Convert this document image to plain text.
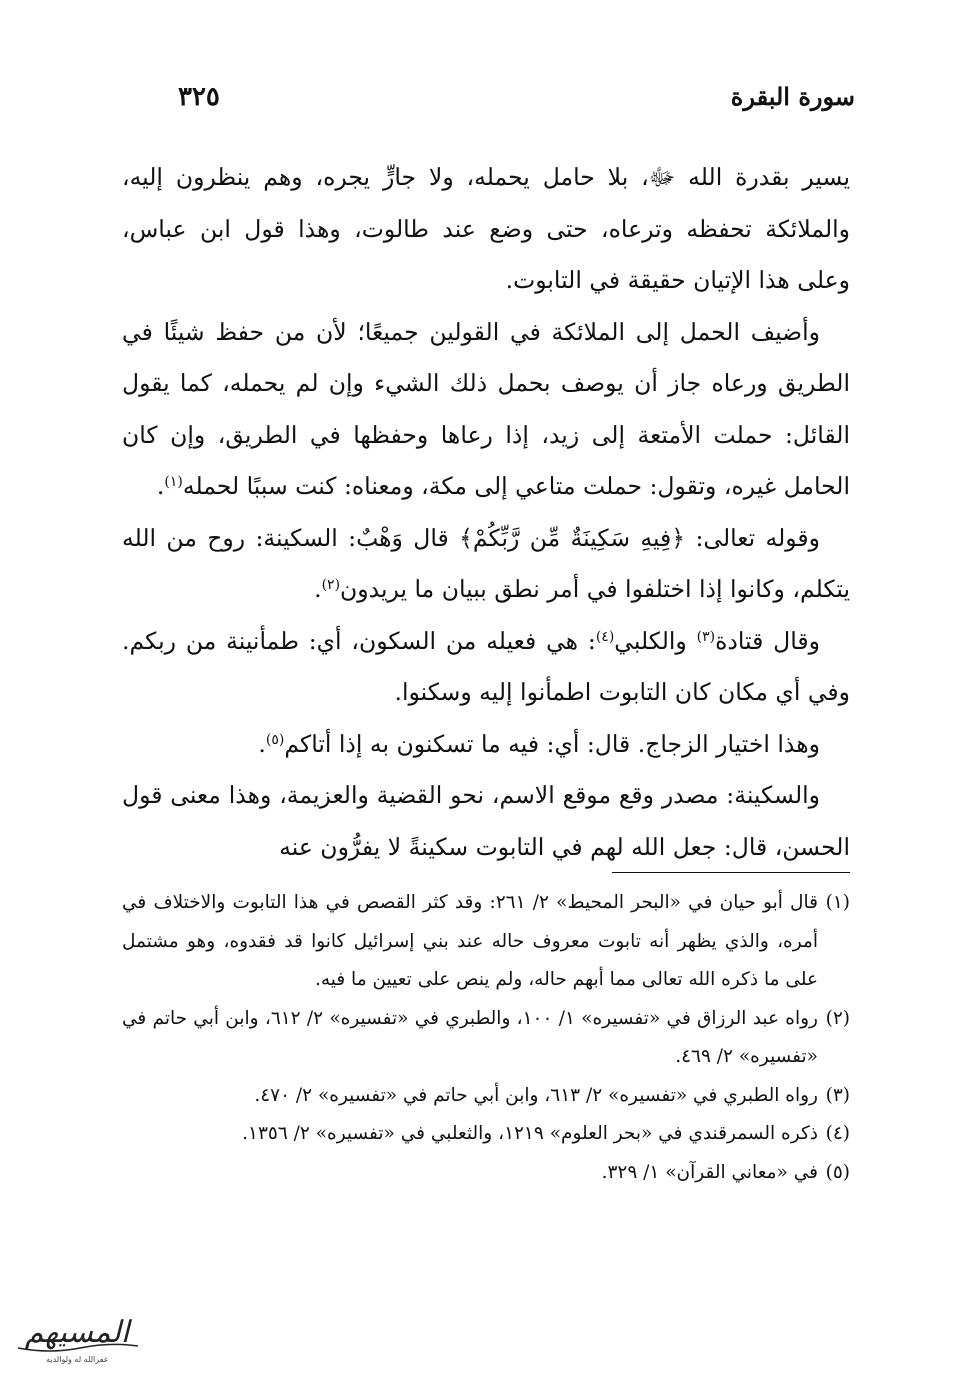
سورة البقرة
٣٢٥

يسير بقدرة الله ﷻ، بلا حامل يحمله، ولا جارٍّ يجره، وهم ينظرون إليه، والملائكة تحفظه وترعاه، حتى وضع عند طالوت، وهذا قول ابن عباس، وعلى هذا الإتيان حقيقة في التابوت.

وأضيف الحمل إلى الملائكة في القولين جميعًا؛ لأن من حفظ شيئًا في الطريق ورعاه جاز أن يوصف بحمل ذلك الشيء وإن لم يحمله، كما يقول القائل: حملت الأمتعة إلى زيد، إذا رعاها وحفظها في الطريق، وإن كان الحامل غيره، وتقول: حملت متاعي إلى مكة، ومعناه: كنت سببًا لحمله$^{(١)}$.

وقوله تعالى: ﴿فِيهِ سَكِينَةٌ مِّن رَّبِّكُمْ﴾ قال وَهْبٌ: السكينة: روح من الله يتكلم، وكانوا إذا اختلفوا في أمر نطق ببيان ما يريدون$^{(٢)}$.

وقال قتادة$^{(٣)}$ والكلبي$^{(٤)}$: هي فعيله من السكون، أي: طمأنينة من ربكم. وفي أي مكان كان التابوت اطمأنوا إليه وسكنوا.

وهذا اختيار الزجاج. قال: أي: فيه ما تسكنون به إذا أتاكم$^{(٥)}$.

والسكينة: مصدر وقع موقع الاسم، نحو القضية والعزيمة، وهذا معنى قول الحسن، قال: جعل الله لهم في التابوت سكينةً لا يفرُّون عنه

(١)
قال أبو حيان في «البحر المحيط» ٢/ ٢٦١: وقد كثر القصص في هذا التابوت والاختلاف في أمره، والذي يظهر أنه تابوت معروف حاله عند بني إسرائيل كانوا قد فقدوه، وهو مشتمل على ما ذكره الله تعالى مما أبهم حاله، ولم ينص على تعيين ما فيه.

(٢)
رواه عبد الرزاق في «تفسيره» ١/ ١٠٠، والطبري في «تفسيره» ٢/ ٦١٢، وابن أبي حاتم في «تفسيره» ٢/ ٤٦٩.

(٣)
رواه الطبري في «تفسيره» ٢/ ٦١٣، وابن أبي حاتم في «تفسيره» ٢/ ٤٧٠.

(٤)
ذكره السمرقندي في «بحر العلوم» ١٢١٩، والثعلبي في «تفسيره» ٢/ ١٣٥٦.

(٥)
في «معاني القرآن» ١/ ٣٢٩.

المسيهم
غفرالله له ولوالديه
